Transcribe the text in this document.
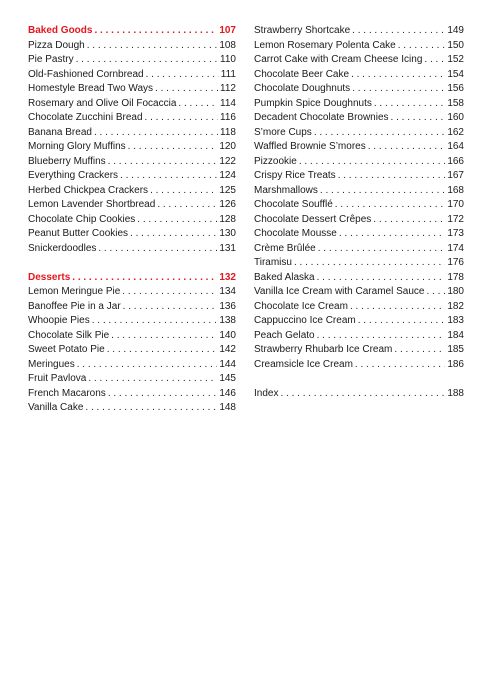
Baked Goods . . .	107
Pizza Dough . . .	108
Pie Pastry . . .	110
Old-Fashioned Cornbread . . .	111
Homestyle Bread Two Ways . . .	112
Rosemary and Olive Oil Focaccia . . .	114
Chocolate Zucchini Bread . . .	116
Banana Bread . . .	118
Morning Glory Muffins . . .	120
Blueberry Muffins . . .	122
Everything Crackers . . .	124
Herbed Chickpea Crackers . . .	125
Lemon Lavender Shortbread . . .	126
Chocolate Chip Cookies . . .	128
Peanut Butter Cookies . . .	130
Snickerdoodles . . .	131
Desserts . . .	132
Lemon Meringue Pie . . .	134
Banoffee Pie in a Jar . . .	136
Whoopie Pies . . .	138
Chocolate Silk Pie . . .	140
Sweet Potato Pie . . .	142
Meringues . . .	144
Fruit Pavlova . . .	145
French Macarons . . .	146
Vanilla Cake . . .	148
Strawberry Shortcake . . .	149
Lemon Rosemary Polenta Cake . . .	150
Carrot Cake with Cream Cheese Icing . . . 152
Chocolate Beer Cake . . .	154
Chocolate Doughnuts . . .	156
Pumpkin Spice Doughnuts . . .	158
Decadent Chocolate Brownies . . .	160
S’more Cups . . .	162
Waffled Brownie S’mores . . .	164
Pizzookie . . .	166
Crispy Rice Treats . . .	167
Marshmallows . . .	168
Chocolate Soufflé . . .	170
Chocolate Dessert Crêpes . . .	172
Chocolate Mousse . . .	173
Crème Brûlée . . .	174
Tiramisu . . .	176
Baked Alaska . . .	178
Vanilla Ice Cream with Caramel Sauce . . . 180
Chocolate Ice Cream . . .	182
Cappuccino Ice Cream . . .	183
Peach Gelato . . .	184
Strawberry Rhubarb Ice Cream . . .	185
Creamsicle Ice Cream . . .	186
Index . . .	188
